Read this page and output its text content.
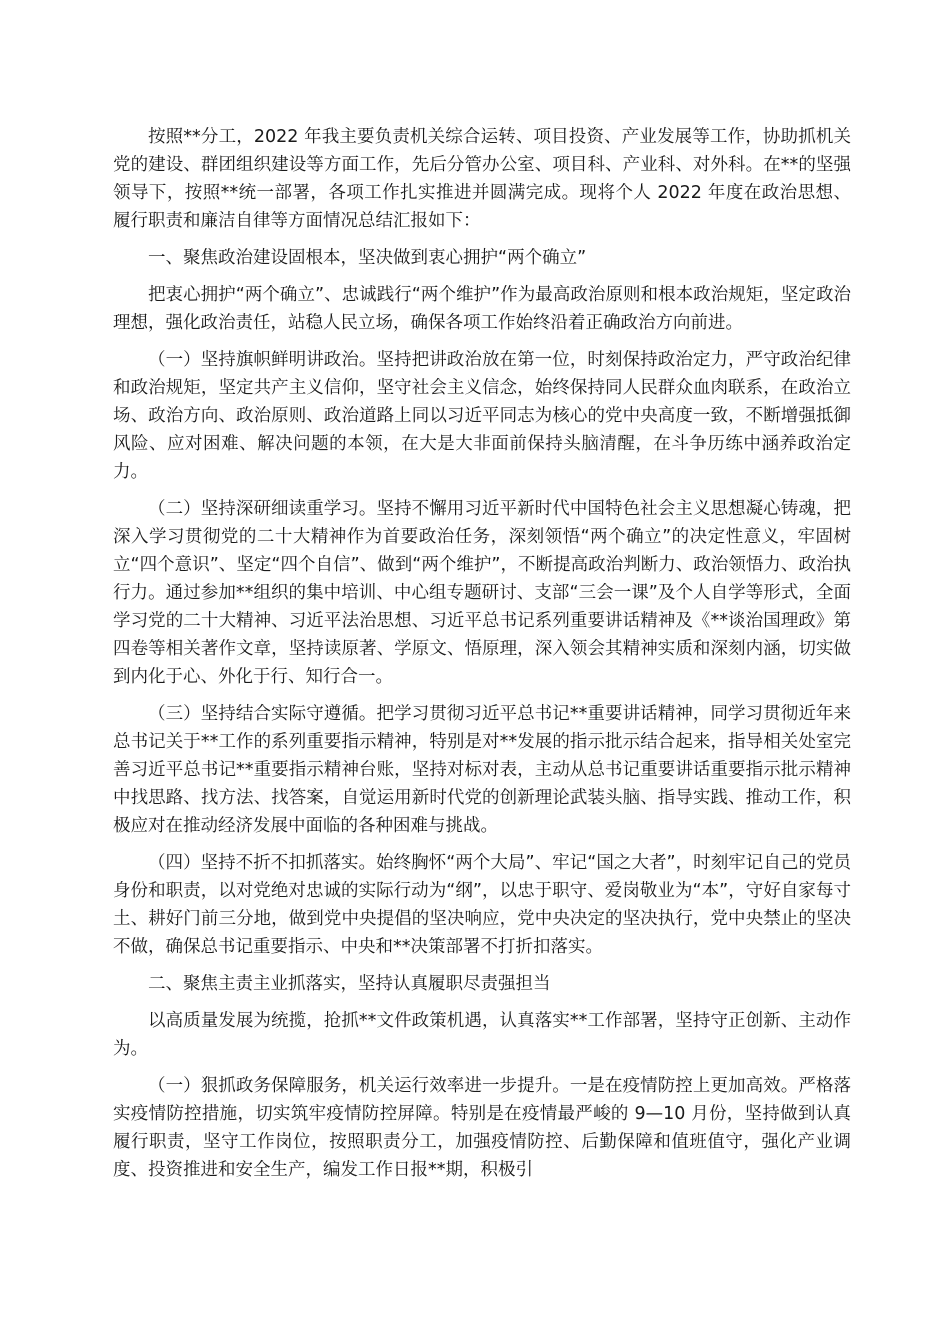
按照**分工，2022 年我主要负责机关综合运转、项目投资、产业发展等工作，协助抓机关党的建设、群团组织建设等方面工作，先后分管办公室、项目科、产业科、对外科。在**的坚强领导下，按照**统一部署，各项工作扎实推进并圆满完成。现将个人 2022 年度在政治思想、履行职责和廉洁自律等方面情况总结汇报如下：

一、聚焦政治建设固根本，坚决做到衷心拥护“两个确立”

把衷心拥护“两个确立”、忠诚践行“两个维护”作为最高政治原则和根本政治规矩，坚定政治理想，强化政治责任，站稳人民立场，确保各项工作始终沿着正确政治方向前进。

（一）坚持旗帜鲜明讲政治。坚持把讲政治放在第一位，时刻保持政治定力，严守政治纪律和政治规矩，坚定共产主义信仰，坚守社会主义信念，始终保持同人民群众血肉联系，在政治立场、政治方向、政治原则、政治道路上同以习近平同志为核心的党中央高度一致，不断增强抵御风险、应对困难、解决问题的本领，在大是大非面前保持头脑清醒，在斗争历练中涵养政治定力。

（二）坚持深研细读重学习。坚持不懈用习近平新时代中国特色社会主义思想凝心铸魂，把深入学习贯彻党的二十大精神作为首要政治任务，深刻领悟“两个确立”的决定性意义，牢固树立“四个意识”、坚定“四个自信”、做到“两个维护”，不断提高政治判断力、政治领悟力、政治执行力。通过参加**组织的集中培训、中心组专题研讨、支部“三会一课”及个人自学等形式，全面学习党的二十大精神、习近平法治思想、习近平总书记系列重要讲话精神及《**谈治国理政》第四卷等相关著作文章，坚持读原著、学原文、悟原理，深入领会其精神实质和深刻内涵，切实做到内化于心、外化于行、知行合一。

（三）坚持结合实际守遵循。把学习贯彻习近平总书记**重要讲话精神，同学习贯彻近年来总书记关于**工作的系列重要指示精神，特别是对**发展的指示批示结合起来，指导相关处室完善习近平总书记**重要指示精神台账，坚持对标对表，主动从总书记重要讲话重要指示批示精神中找思路、找方法、找答案，自觉运用新时代党的创新理论武装头脑、指导实践、推动工作，积极应对在推动经济发展中面临的各种困难与挑战。

（四）坚持不折不扣抓落实。始终胸怀“两个大局”、牢记“国之大者”，时刻牢记自己的党员身份和职责，以对党绝对忠诚的实际行动为“纲”，以忠于职守、爱岗敬业为“本”，守好自家每寸土、耕好门前三分地，做到党中央提倡的坚决响应，党中央决定的坚决执行，党中央禁止的坚决不做，确保总书记重要指示、中央和**决策部署不打折扣落实。

二、聚焦主责主业抓落实，坚持认真履职尽责强担当

以高质量发展为统揽，抢抓**文件政策机遇，认真落实**工作部署，坚持守正创新、主动作为。

（一）狠抓政务保障服务，机关运行效率进一步提升。一是在疫情防控上更加高效。严格落实疫情防控措施，切实筑牢疫情防控屏障。特别是在疫情最严峻的 9—10 月份，坚持做到认真履行职责，坚守工作岗位，按照职责分工，加强疫情防控、后勤保障和值班值守，强化产业调度、投资推进和安全生产，编发工作日报**期，积极引
